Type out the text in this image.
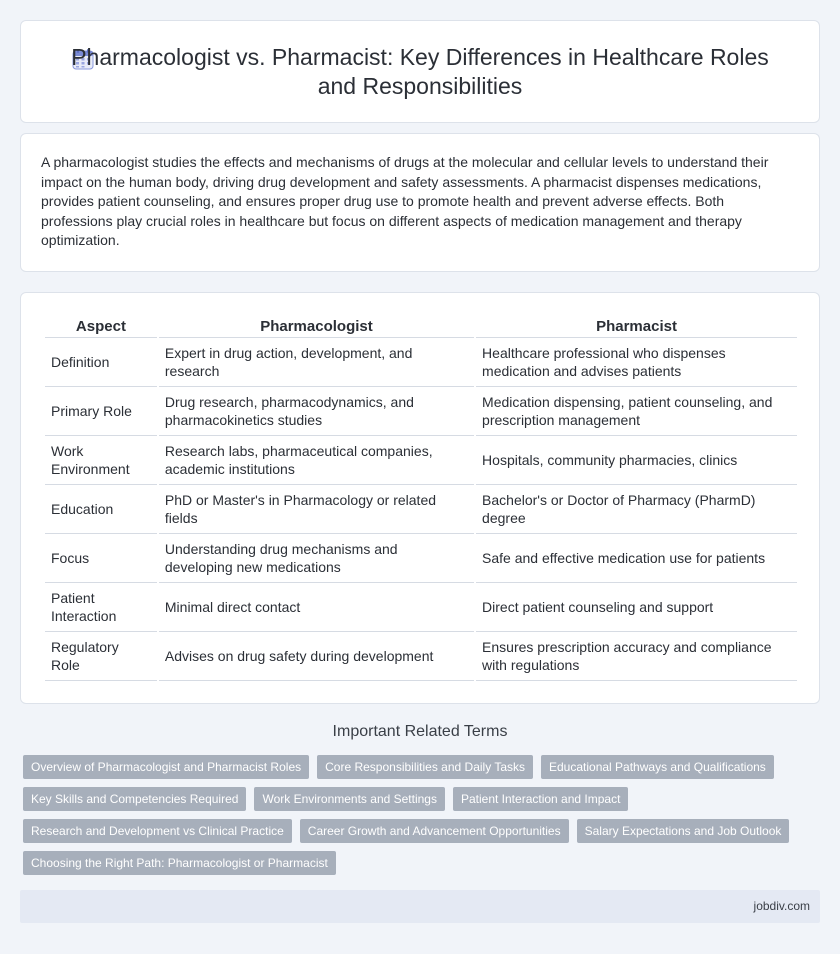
Pharmacologist vs. Pharmacist: Key Differences in Healthcare Roles and Responsibilities

A pharmacologist studies the effects and mechanisms of drugs at the molecular and cellular levels to understand their impact on the human body, driving drug development and safety assessments. A pharmacist dispenses medications, provides patient counseling, and ensures proper drug use to promote health and prevent adverse effects. Both professions play crucial roles in healthcare but focus on different aspects of medication management and therapy optimization.

Aspect	Pharmacologist	Pharmacist
Definition	Expert in drug action, development, and research	Healthcare professional who dispenses medication and advises patients
Primary Role	Drug research, pharmacodynamics, and pharmacokinetics studies	Medication dispensing, patient counseling, and prescription management
Work Environment	Research labs, pharmaceutical companies, academic institutions	Hospitals, community pharmacies, clinics
Education	PhD or Master's in Pharmacology or related fields	Bachelor's or Doctor of Pharmacy (PharmD) degree
Focus	Understanding drug mechanisms and developing new medications	Safe and effective medication use for patients
Patient Interaction	Minimal direct contact	Direct patient counseling and support
Regulatory Role	Advises on drug safety during development	Ensures prescription accuracy and compliance with regulations
Important Related Terms
Overview of Pharmacologist and Pharmacist Roles	Core Responsibilities and Daily Tasks	Educational Pathways and Qualifications
Key Skills and Competencies Required	Work Environments and Settings	Patient Interaction and Impact
Research and Development vs Clinical Practice	Career Growth and Advancement Opportunities	Salary Expectations and Job Outlook
Choosing the Right Path: Pharmacologist or Pharmacist
jobdiv.com
